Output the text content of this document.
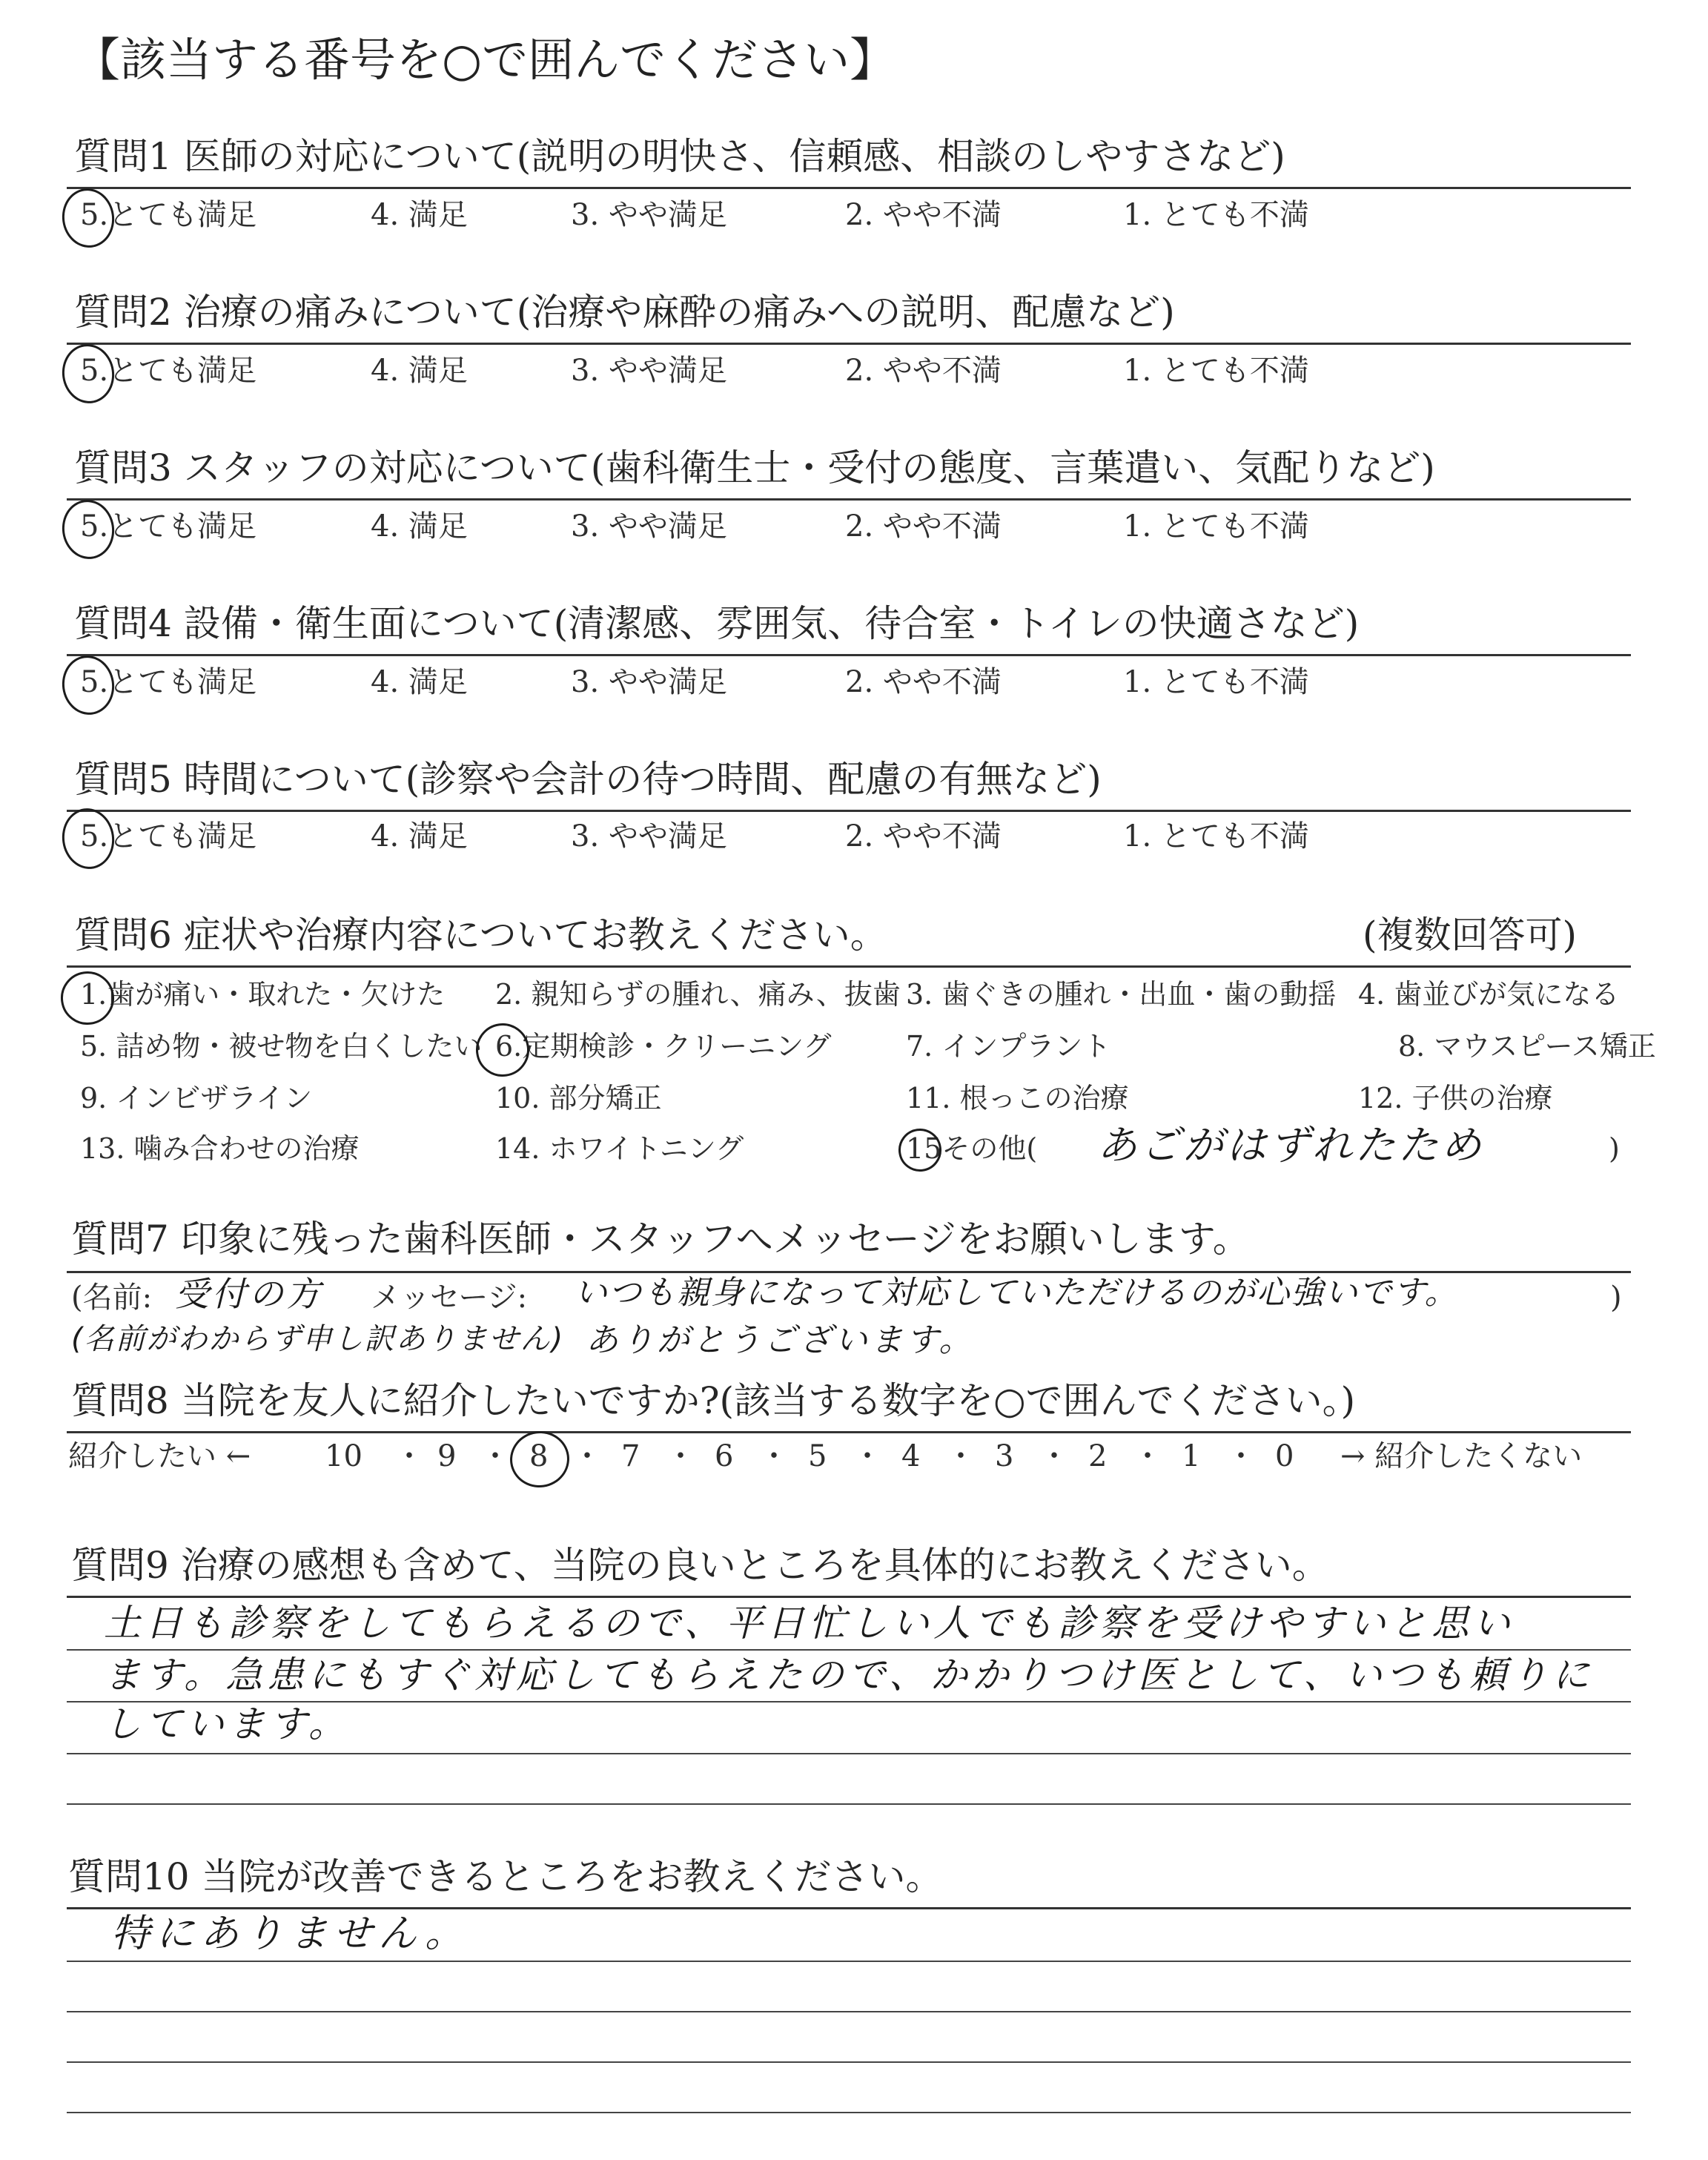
【該当する番号を○で囲んでください】
質問1 医師の対応について(説明の明快さ、信頼感、相談のしやすさなど)
5.とても満足	4. 満足	3. やや満足	2. やや不満	1. とても不満
質問2 治療の痛みについて(治療や麻酔の痛みへの説明、配慮など)
5.とても満足	4. 満足	3. やや満足	2. やや不満	1. とても不満
質問3 スタッフの対応について(歯科衛生士・受付の態度、言葉遣い、気配りなど)
5.とても満足	4. 満足	3. やや満足	2. やや不満	1. とても不満
質問4 設備・衛生面について(清潔感、雰囲気、待合室・トイレの快適さなど)
5.とても満足	4. 満足	3. やや満足	2. やや不満	1. とても不満
質問5 時間について(診察や会計の待つ時間、配慮の有無など)
5.とても満足	4. 満足	3. やや満足	2. やや不満	1. とても不満
質問6 症状や治療内容についてお教えください。	(複数回答可)
1.歯が痛い・取れた・欠けた 2. 親知らずの腫れ、痛み、抜歯 3. 歯ぐきの腫れ・出血・歯の動揺 4. 歯並びが気になる
5. 詰め物・被せ物を白くしたい 6.定期検診・クリーニング	7. インプラント	8. マウスピース矯正
9. インビザライン	10. 部分矯正	11. 根っこの治療	12. 子供の治療
13. 噛み合わせの治療	14. ホワイトニング	15その他( あごがはずれたため	)
質問7 印象に残った歯科医師・スタッフへメッセージをお願いします。
(名前: 受付の方 メッセージ: いつも親身になって対応していただけるのが心強いです。	)
(名前がわからず申し訳ありません) ありがとうございます。
質問8 当院を友人に紹介したいですか?(該当する数字を○で囲んでください。)
紹介したい ← 10 ・ 9 ・ 8 ・ 7 ・ 6 ・ 5 ・ 4 ・ 3 ・ 2 ・ 1 ・ 0 → 紹介したくない
質問9 治療の感想も含めて、当院の良いところを具体的にお教えください。
土日も診察をしてもらえるので、平日忙しい人でも診察を受けやすいと思い
ます。急患にもすぐ対応してもらえたので、かかりつけ医として、いつも頼りに
しています。
質問10 当院が改善できるところをお教えください。
特にありません。
